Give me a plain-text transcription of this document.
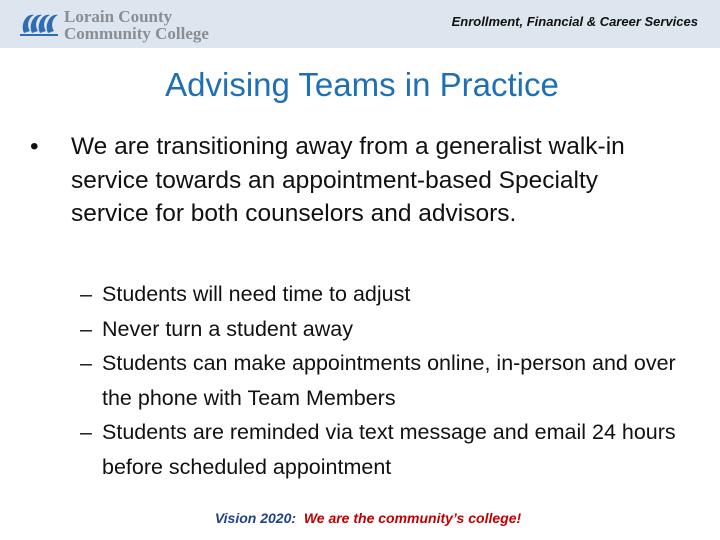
Lorain County
Community College
Enrollment, Financial & Career Services
Advising Teams in Practice
• We are transitioning away from a generalist walk-in service towards an appointment-based Specialty service for both counselors and advisors.
– Students will need time to adjust
– Never turn a student away
– Students can make appointments online, in-person and over the phone with Team Members
– Students are reminded via text message and email 24 hours before scheduled appointment
Vision 2020: We are the community’s college!
